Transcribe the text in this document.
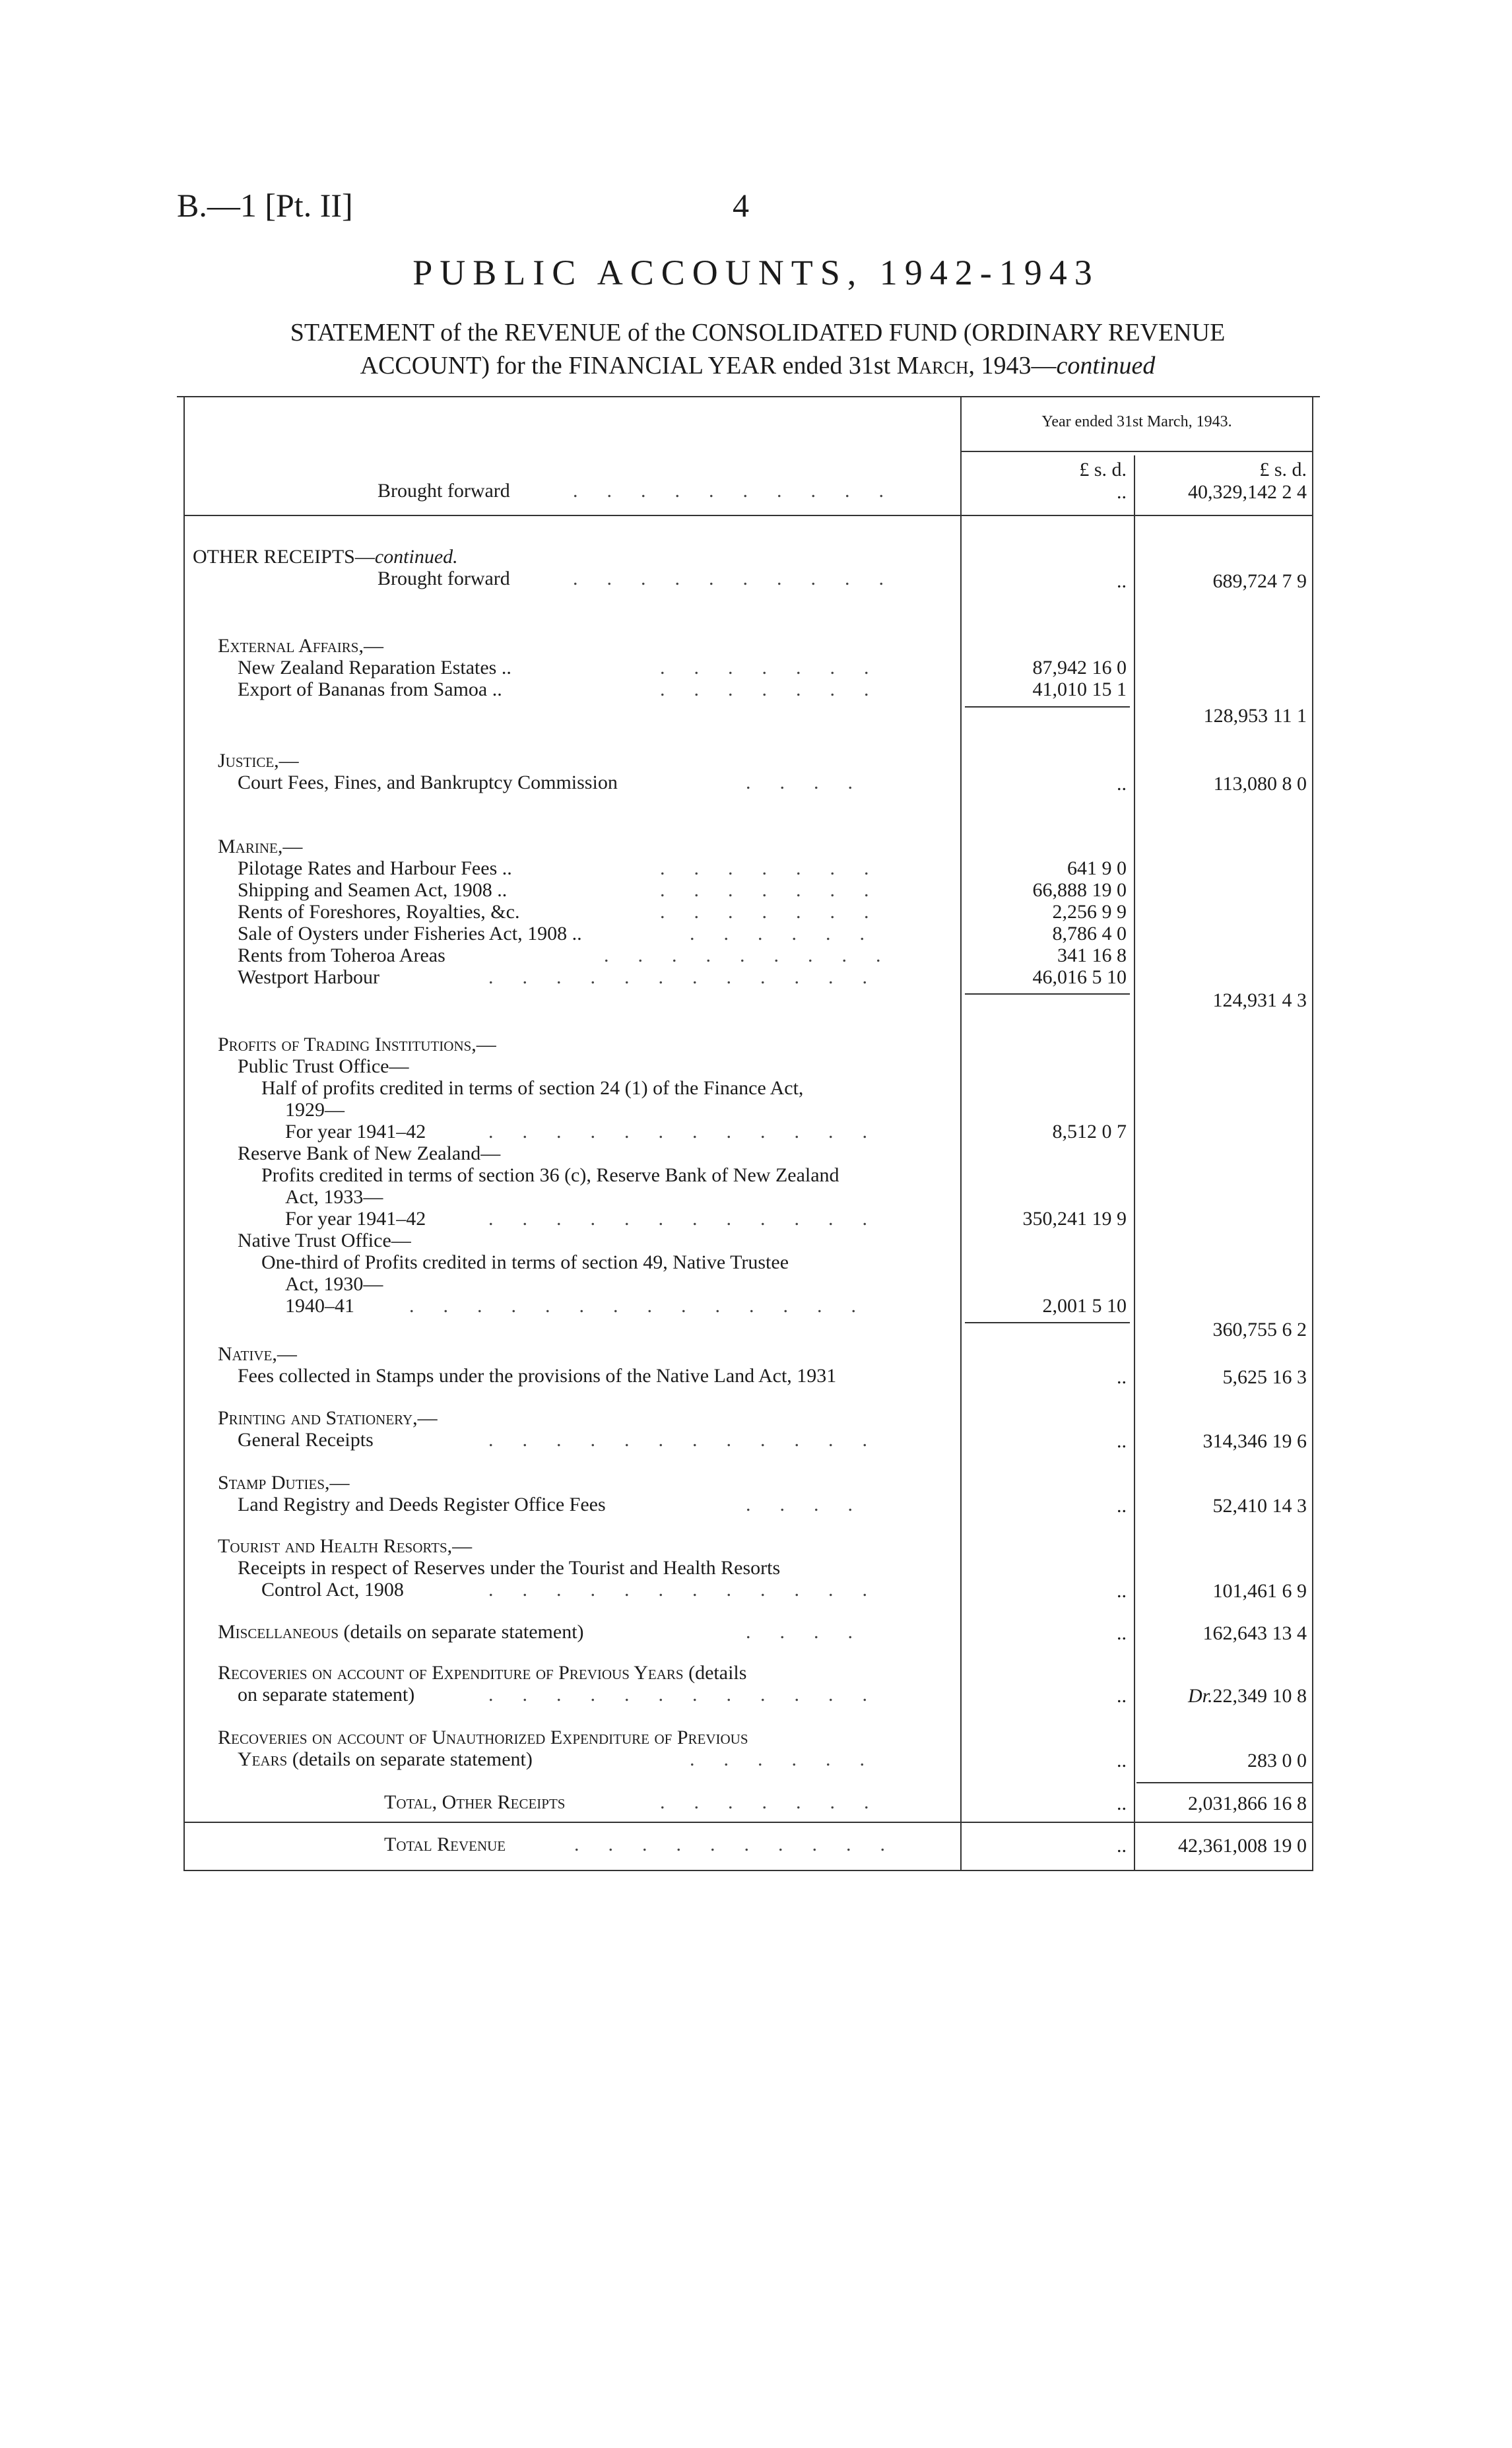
B.—1 [Pt. II]	4
PUBLIC ACCOUNTS, 1942-1943
STATEMENT of the REVENUE of the CONSOLIDATED FUND (ORDINARY REVENUE
ACCOUNT) for the FINANCIAL YEAR ended 31st March, 1943—continued
Year ended 31st March, 1943.
£ s. d.	£ s. d.
Brought forward	..........	..	40,329,142 2 4
OTHER RECEIPTS—continued.
Brought forward	..........	..	689,724 7 9
External Affairs,—
New Zealand Reparation Estates ..	.......	87,942 16 0
Export of Bananas from Samoa ..	.......	41,010 15 1
128,953 11 1
Justice,—
Court Fees, Fines, and Bankruptcy Commission	....	..	113,080 8 0
Marine,—
Pilotage Rates and Harbour Fees ..	.......	641 9 0
Shipping and Seamen Act, 1908 ..	.......	66,888 19 0
Rents of Foreshores, Royalties, &c.	.......	2,256 9 9
Sale of Oysters under Fisheries Act, 1908 ..	......	8,786 4 0
Rents from Toheroa Areas	.........	341 16 8
Westport Harbour	............	46,016 5 10
124,931 4 3
Profits of Trading Institutions,—
Public Trust Office—
Half of profits credited in terms of section 24 (1) of the Finance Act,
1929—
For year 1941–42	............	8,512 0 7
Reserve Bank of New Zealand—
Profits credited in terms of section 36 (c), Reserve Bank of New Zealand
Act, 1933—
For year 1941–42	............	350,241 19 9
Native Trust Office—
One-third of Profits credited in terms of section 49, Native Trustee
Act, 1930—
1940–41	..............	2,001 5 10
360,755 6 2
Native,—
Fees collected in Stamps under the provisions of the Native Land Act, 1931	..	5,625 16 3
Printing and Stationery,—
General Receipts	............	..	314,346 19 6
Stamp Duties,—
Land Registry and Deeds Register Office Fees	....	..	52,410 14 3
Tourist and Health Resorts,—
Receipts in respect of Reserves under the Tourist and Health Resorts
Control Act, 1908	............	..	101,461 6 9
Miscellaneous (details on separate statement)	....	..	162,643 13 4
Recoveries on account of Expenditure of Previous Years (details
on separate statement)	............	..	Dr.22,349 10 8
Recoveries on account of Unauthorized Expenditure of Previous
Years (details on separate statement)	......	..	283 0 0
Total, Other Receipts	.......	..	2,031,866 16 8
Total Revenue	..........	..	42,361,008 19 0
